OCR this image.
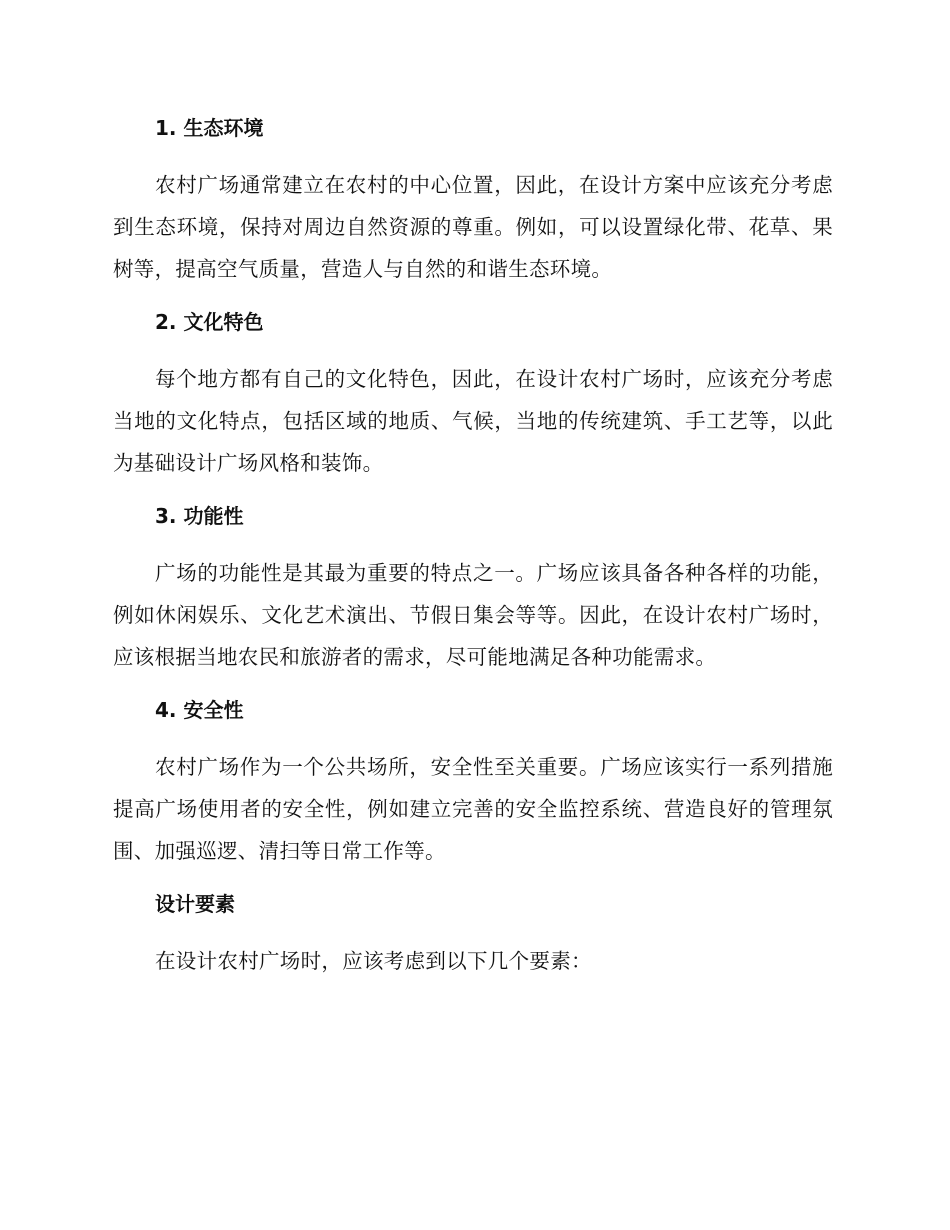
1. 生态环境

农村广场通常建立在农村的中心位置，因此，在设计方案中应该充分考虑到生态环境，保持对周边自然资源的尊重。例如，可以设置绿化带、花草、果树等，提高空气质量，营造人与自然的和谐生态环境。

2. 文化特色

每个地方都有自己的文化特色，因此，在设计农村广场时，应该充分考虑当地的文化特点，包括区域的地质、气候，当地的传统建筑、手工艺等，以此为基础设计广场风格和装饰。

3. 功能性

广场的功能性是其最为重要的特点之一。广场应该具备各种各样的功能，例如休闲娱乐、文化艺术演出、节假日集会等等。因此，在设计农村广场时，应该根据当地农民和旅游者的需求，尽可能地满足各种功能需求。

4. 安全性

农村广场作为一个公共场所，安全性至关重要。广场应该实行一系列措施提高广场使用者的安全性，例如建立完善的安全监控系统、营造良好的管理氛围、加强巡逻、清扫等日常工作等。

设计要素

在设计农村广场时，应该考虑到以下几个要素：
